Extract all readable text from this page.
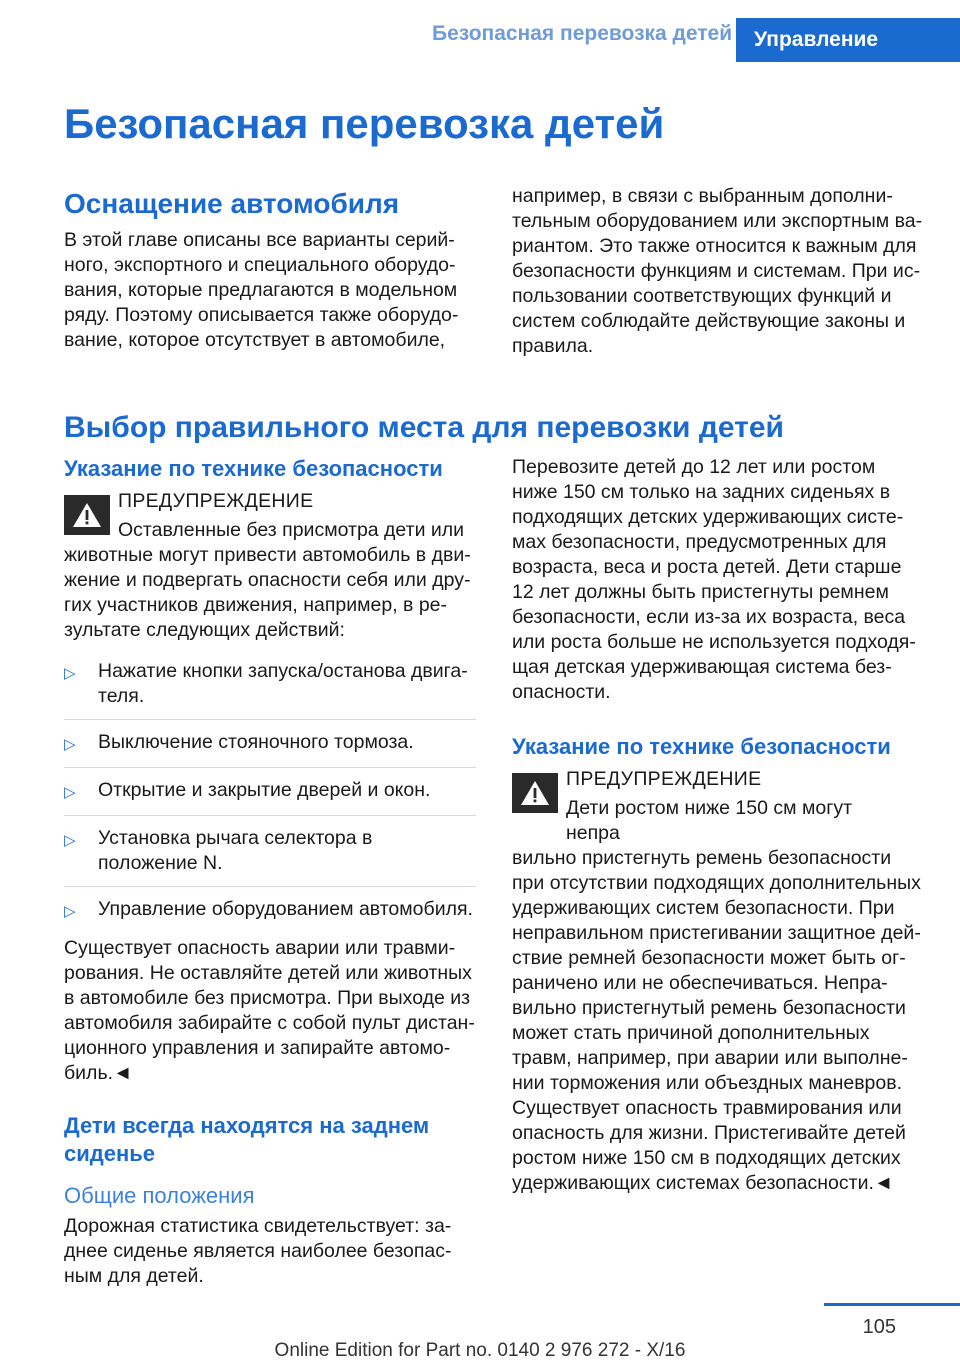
Безопасная перевозка детей	Управление
Безопасная перевозка детей
Оснащение автомобиля

В этой главе описаны все варианты серийного, экспортного и специального оборудования, которые предлагаются в модельном ряду. Поэтому описывается также оборудование, которое отсутствует в автомобиле,

например, в связи с выбранным дополнительным оборудованием или экспортным вариантом. Это также относится к важным для безопасности функциям и системам. При использовании соответствующих функций и систем соблюдайте действующие законы и правила.

Выбор правильного места для перевозки детей
Указание по технике безопасности
ПРЕДУПРЕЖДЕНИЕ
Оставленные без присмотра дети или

животные могут привести автомобиль в движение и подвергать опасности себя или других участников движения, например, в результате следующих действий:

▷	Нажатие кнопки запуска/останова двигателя.
▷	Выключение стояночного тормоза.
▷	Открытие и закрытие дверей и окон.
▷	Установка рычага селектора в положение N.
▷	Управление оборудованием автомобиля.

Существует опасность аварии или травмирования. Не оставляйте детей или животных в автомобиле без присмотра. При выходе из автомобиля забирайте с собой пульт дистанционного управления и запирайте автомобиль.◄

Дети всегда находятся на заднем сиденье
Общие положения

Дорожная статистика свидетельствует: заднее сиденье является наиболее безопасным для детей.

Перевозите детей до 12 лет или ростом ниже 150 см только на задних сиденьях в подходящих детских удерживающих системах безопасности, предусмотренных для возраста, веса и роста детей. Дети старше 12 лет должны быть пристегнуты ремнем безопасности, если из-за их возраста, веса или роста больше не используется подходящая детская удерживающая система безопасности.

Указание по технике безопасности
ПРЕДУПРЕЖДЕНИЕ
Дети ростом ниже 150 см могут непра

вильно пристегнуть ремень безопасности при отсутствии подходящих дополнительных удерживающих систем безопасности. При неправильном пристегивании защитное действие ремней безопасности может быть ограничено или не обеспечиваться. Неправильно пристегнутый ремень безопасности может стать причиной дополнительных травм, например, при аварии или выполнении торможения или объездных маневров. Существует опасность травмирования или опасность для жизни. Пристегивайте детей ростом ниже 150 см в подходящих детских удерживающих системах безопасности.◄

105
Online Edition for Part no. 0140 2 976 272 - X/16
